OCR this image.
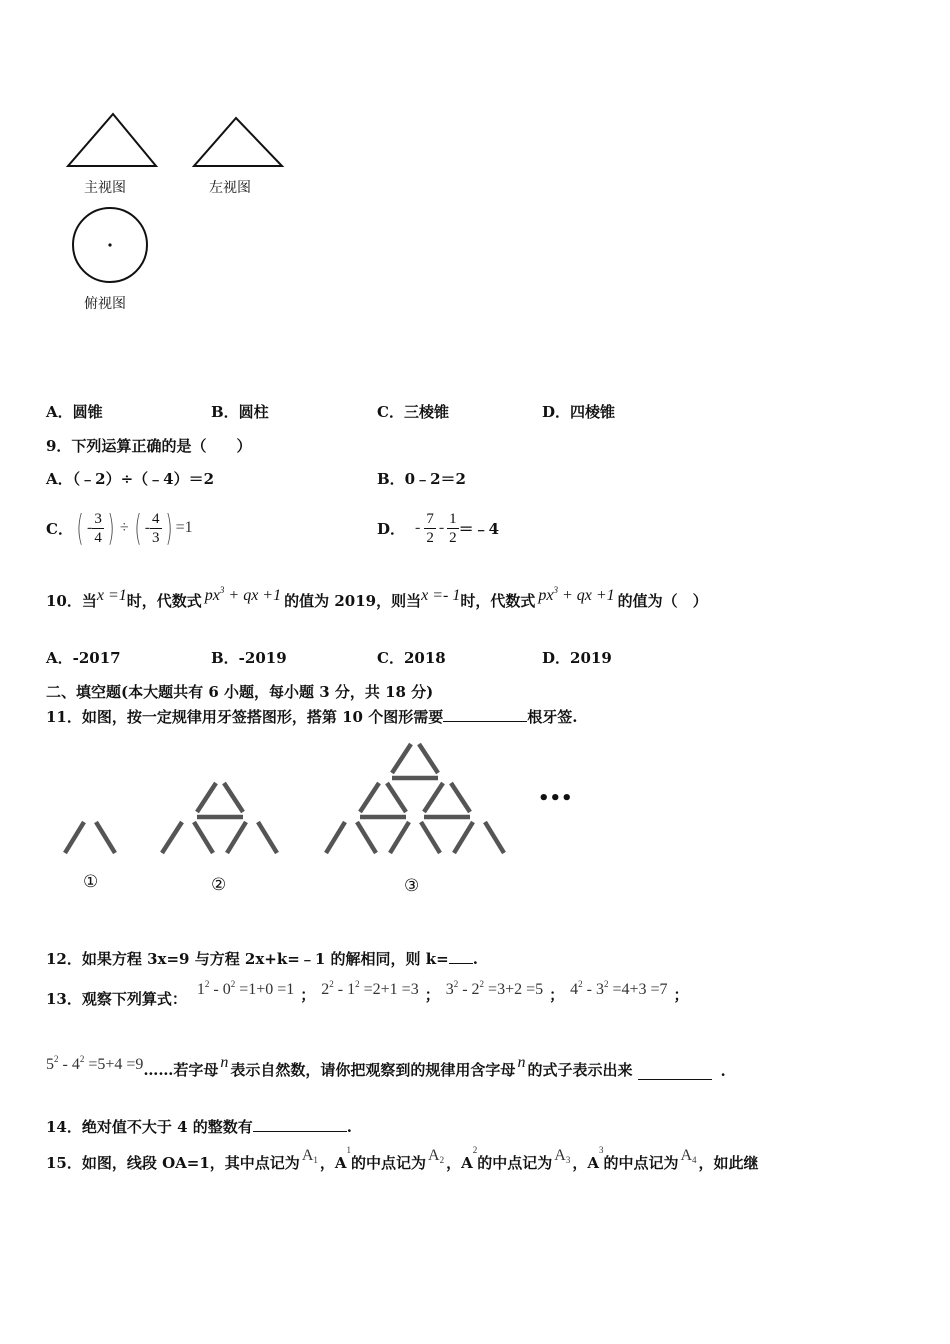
主视图	左视图
俯视图
A．圆锥	B．圆柱	C．三棱锥	D．四棱锥
9．下列运算正确的是（　　）
A．（﹣2）÷（﹣4）＝2	B．0﹣2＝2
C． ( - $\frac{3}{4}$ ) ÷ ( - $\frac{4}{3}$ ) =1	D． - $\frac{7}{2} - \frac{1}{2}$ ＝﹣4
10．当 x =1 时，代数式 $px^3$ + qx +1 的值为 2019，则当 x =- 1 时，代数式 $px^3$ + qx +1 的值为（　）
A．-2017	B．-2019	C．2018	D．2019
二、填空题(本大题共有 6 小题，每小题 3 分，共 18 分)
11．如图，按一定规律用牙签搭图形，搭第 10 个图形需要	根牙签.
•••
①	②	③
12．如果方程 3x=9 与方程 2x+k=﹣1 的解相同，则 k= .
13．观察下列算式：
$1^2 - 0^2 =1+0 =1$ ； $2^2 - 1^2 =2+1 =3$ ； $3^2 - 2^2 =3+2 =5$ ； $4^2 - 3^2 =4+3 =7$ ；
$5^2 - 4^2 =5+4 =9$ ……若字母 n 表示自然数，请你把观察到的规律用含字母 n 的式子表示出来	.
14．绝对值不大于 4 的整数有	.
15．如图，线段 OA=1，其中点记为 $A_1$ ，A
$^1$
的中点记为 $A_2$ ，A
$^2$
的中点记为 $A_3$ ，A
$^3$
的中点记为 $A_4$ ，如此继
